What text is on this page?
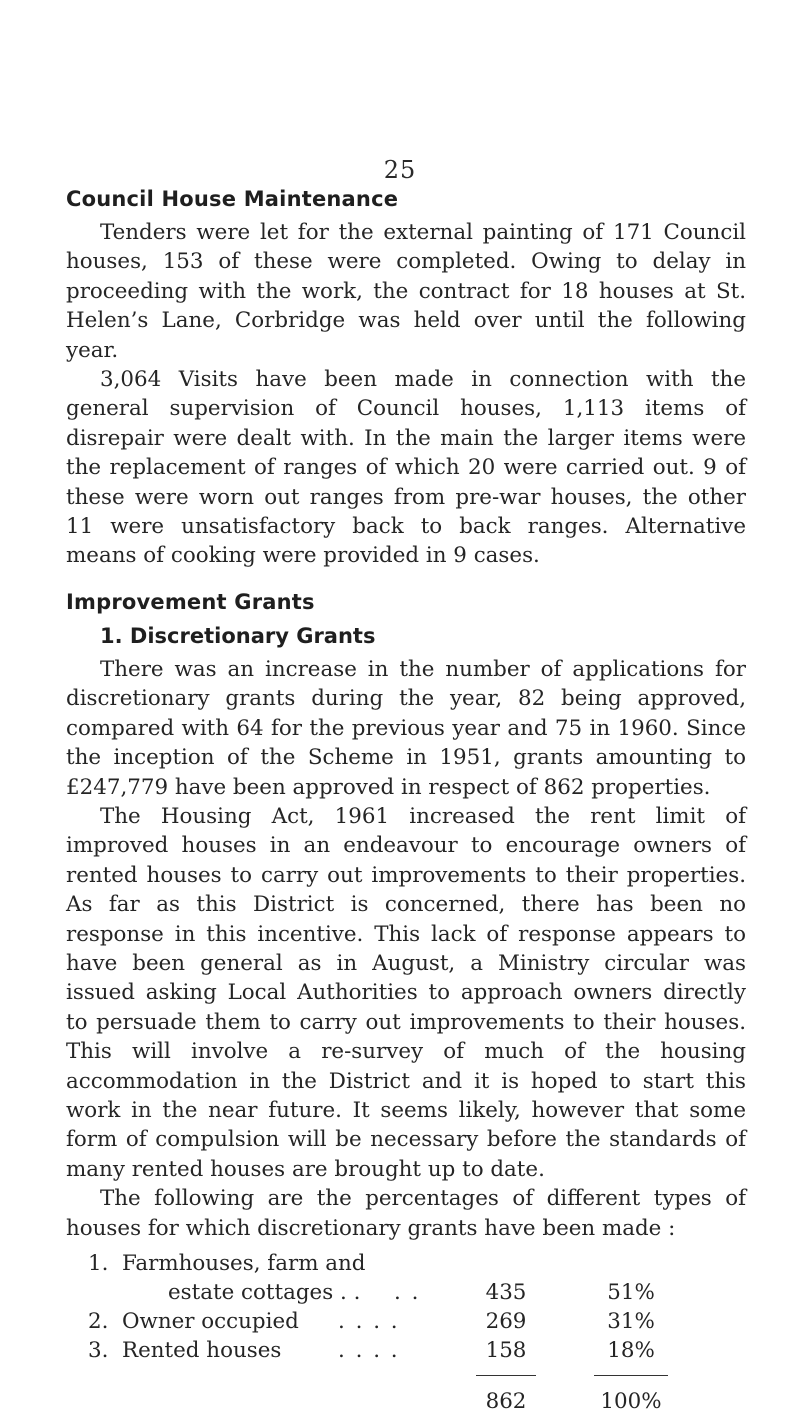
25
Council House Maintenance

Tenders were let for the external painting of 171 Council houses, 153 of these were completed. Owing to delay in proceeding with the work, the contract for 18 houses at St. Helen’s Lane, Corbridge was held over until the following year.

3,064 Visits have been made in connection with the general supervision of Council houses, 1,113 items of disrepair were dealt with. In the main the larger items were the replacement of ranges of which 20 were carried out. 9 of these were worn out ranges from pre-war houses, the other 11 were unsatisfactory back to back ranges. Alternative means of cooking were provided in 9 cases.

Improvement Grants
1. Discretionary Grants

There was an increase in the number of applications for discretionary grants during the year, 82 being approved, compared with 64 for the previous year and 75 in 1960. Since the inception of the Scheme in 1951, grants amounting to £247,779 have been approved in respect of 862 properties.

The Housing Act, 1961 increased the rent limit of improved houses in an endeavour to encourage owners of rented houses to carry out improvements to their properties. As far as this District is concerned, there has been no response in this incentive. This lack of response appears to have been general as in August, a Ministry circular was issued asking Local Authorities to approach owners directly to persuade them to carry out improvements to their houses. This will involve a re-survey of much of the housing accommodation in the District and it is hoped to start this work in the near future. It seems likely, however that some form of compulsion will be necessary before the standards of many rented houses are brought up to date.

The following are the percentages of different types of houses for which discretionary grants have been made :

1. Farmhouses, farm and
estate cottages . . . .	435	51%
2. Owner occupied . . . .	269	31%
3. Rented houses	. . . .	158	18%
862	100%
